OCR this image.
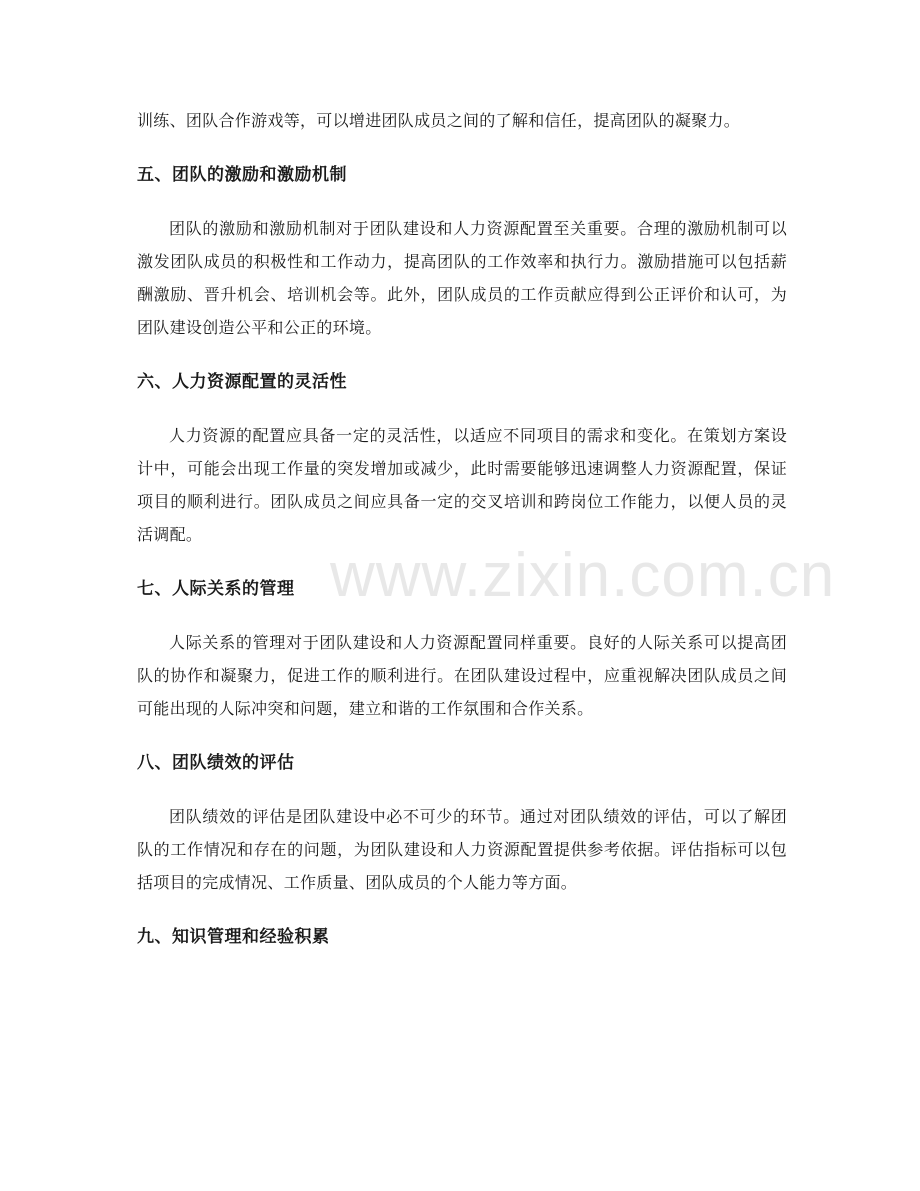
训练、团队合作游戏等，可以增进团队成员之间的了解和信任，提高团队的凝聚力。

五、团队的激励和激励机制

团队的激励和激励机制对于团队建设和人力资源配置至关重要。合理的激励机制可以激发团队成员的积极性和工作动力，提高团队的工作效率和执行力。激励措施可以包括薪酬激励、晋升机会、培训机会等。此外，团队成员的工作贡献应得到公正评价和认可，为团队建设创造公平和公正的环境。

六、人力资源配置的灵活性

人力资源的配置应具备一定的灵活性，以适应不同项目的需求和变化。在策划方案设计中，可能会出现工作量的突发增加或减少，此时需要能够迅速调整人力资源配置，保证项目的顺利进行。团队成员之间应具备一定的交叉培训和跨岗位工作能力，以便人员的灵活调配。

七、人际关系的管理

人际关系的管理对于团队建设和人力资源配置同样重要。良好的人际关系可以提高团队的协作和凝聚力，促进工作的顺利进行。在团队建设过程中，应重视解决团队成员之间可能出现的人际冲突和问题，建立和谐的工作氛围和合作关系。

八、团队绩效的评估

团队绩效的评估是团队建设中必不可少的环节。通过对团队绩效的评估，可以了解团队的工作情况和存在的问题，为团队建设和人力资源配置提供参考依据。评估指标可以包括项目的完成情况、工作质量、团队成员的个人能力等方面。

九、知识管理和经验积累
www.zixin.com.cn
